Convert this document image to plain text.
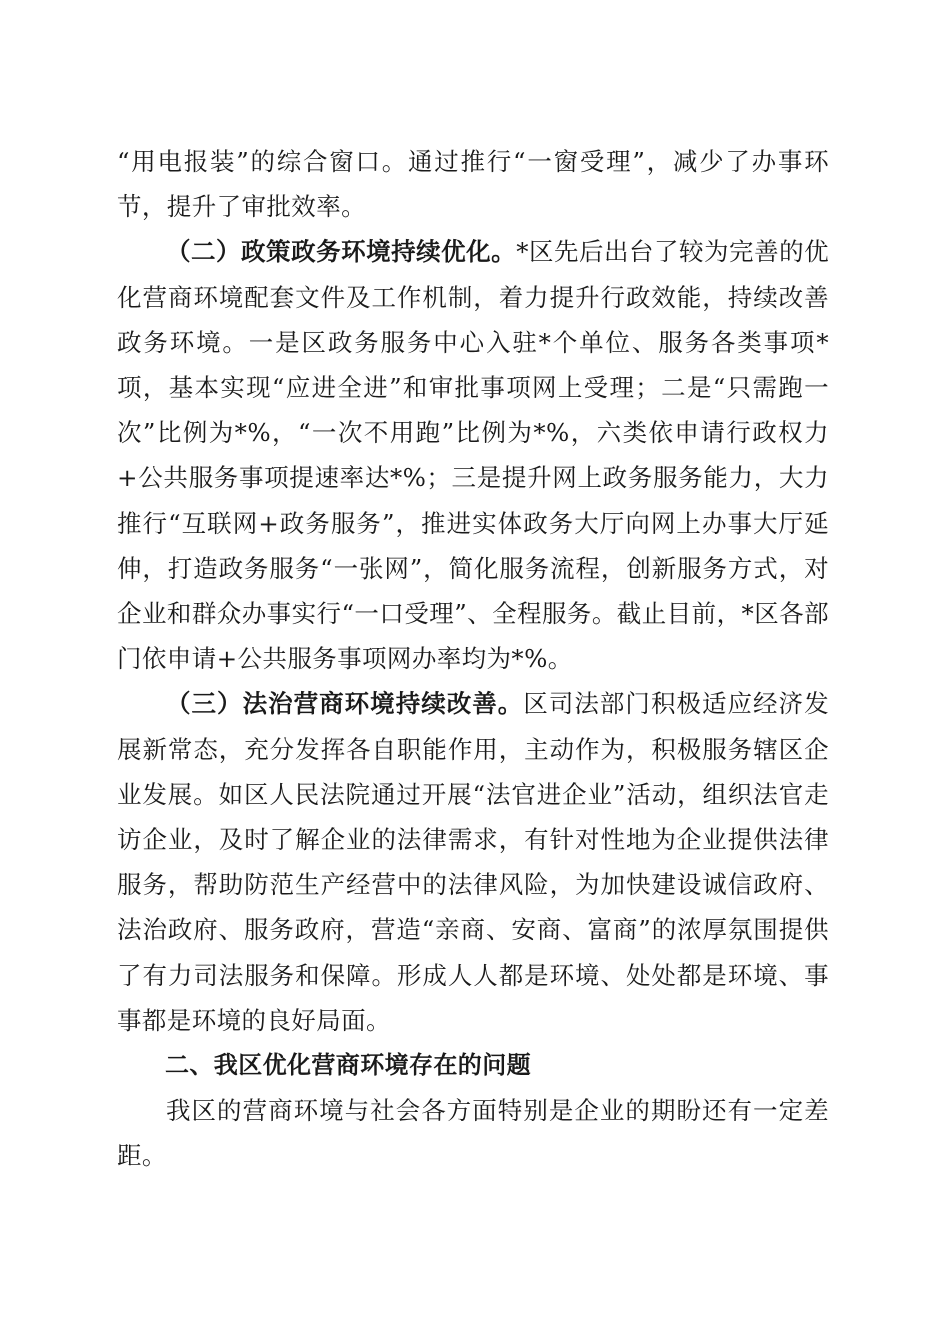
“用电报装”的综合窗口。通过推行“一窗受理”，减少了办事环节，提升了审批效率。

（二）政策政务环境持续优化。*区先后出台了较为完善的优化营商环境配套文件及工作机制，着力提升行政效能，持续改善政务环境。一是区政务服务中心入驻*个单位、服务各类事项*项，基本实现“应进全进”和审批事项网上受理；二是“只需跑一次”比例为*%，“一次不用跑”比例为*%，六类依申请行政权力+公共服务事项提速率达*%；三是提升网上政务服务能力，大力推行“互联网+政务服务”，推进实体政务大厅向网上办事大厅延伸，打造政务服务“一张网”，简化服务流程，创新服务方式，对企业和群众办事实行“一口受理”、全程服务。截止目前，*区各部门依申请+公共服务事项网办率均为*%。

（三）法治营商环境持续改善。区司法部门积极适应经济发展新常态，充分发挥各自职能作用，主动作为，积极服务辖区企业发展。如区人民法院通过开展“法官进企业”活动，组织法官走访企业，及时了解企业的法律需求，有针对性地为企业提供法律服务，帮助防范生产经营中的法律风险，为加快建设诚信政府、法治政府、服务政府，营造“亲商、安商、富商”的浓厚氛围提供了有力司法服务和保障。形成人人都是环境、处处都是环境、事事都是环境的良好局面。

二、我区优化营商环境存在的问题

我区的营商环境与社会各方面特别是企业的期盼还有一定差距。
